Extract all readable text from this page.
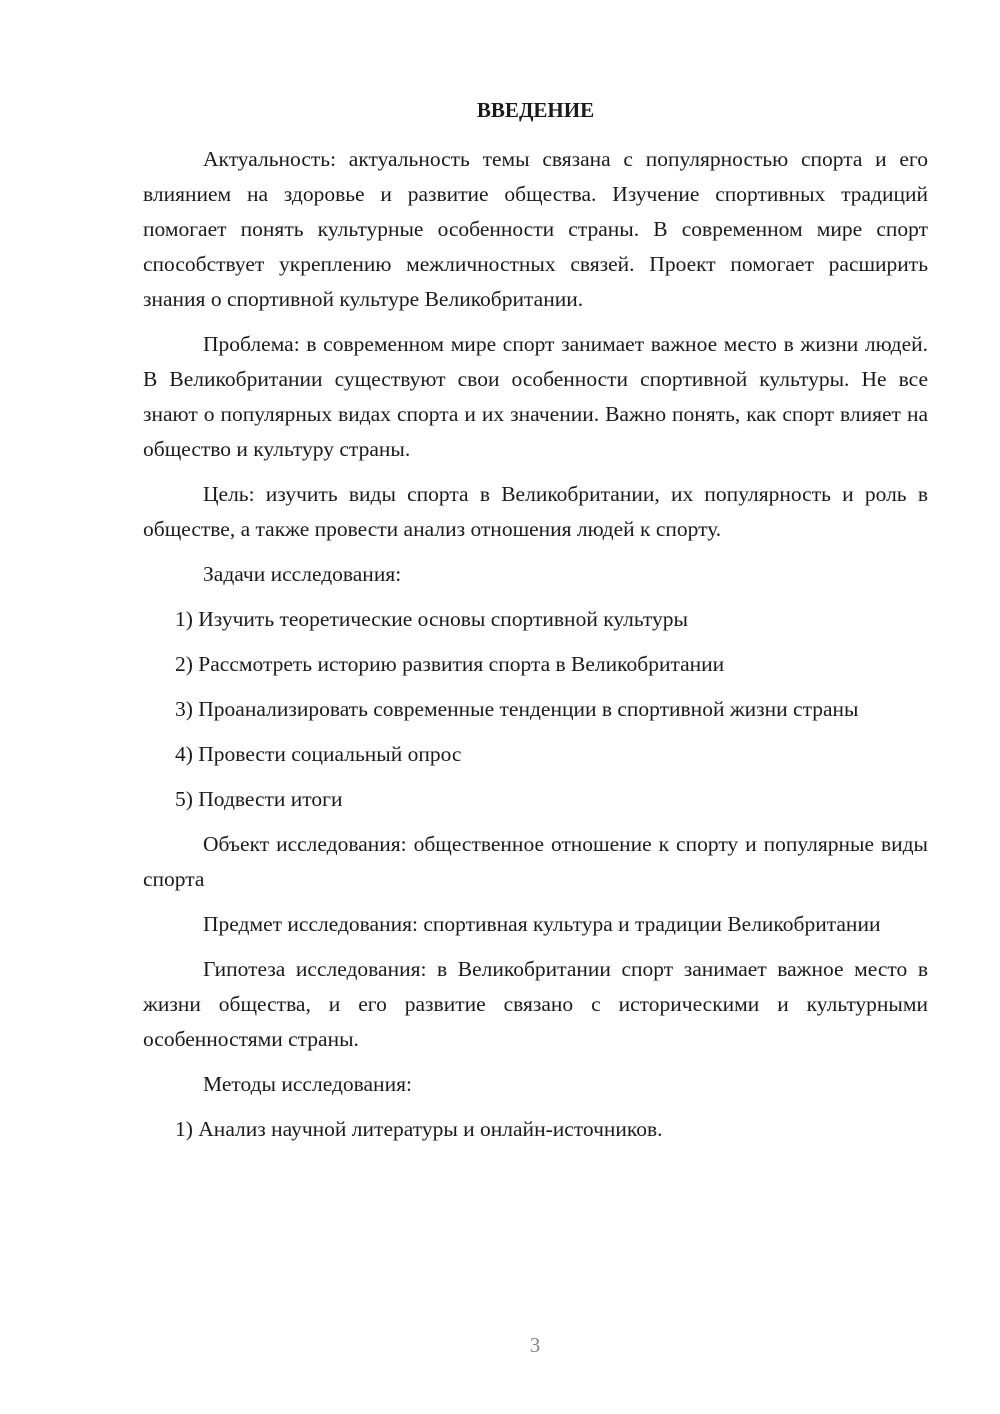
ВВЕДЕНИЕ

Актуальность: актуальность темы связана с популярностью спорта и его влиянием на здоровье и развитие общества. Изучение спортивных традиций помогает понять культурные особенности страны. В современном мире спорт способствует укреплению межличностных связей. Проект помогает расширить знания о спортивной культуре Великобритании.

Проблема: в современном мире спорт занимает важное место в жизни людей. В Великобритании существуют свои особенности спортивной культуры. Не все знают о популярных видах спорта и их значении. Важно понять, как спорт влияет на общество и культуру страны.

Цель: изучить виды спорта в Великобритании, их популярность и роль в обществе, а также провести анализ отношения людей к спорту.

Задачи исследования:

1) Изучить теоретические основы спортивной культуры

2) Рассмотреть историю развития спорта в Великобритании

3) Проанализировать современные тенденции в спортивной жизни страны

4) Провести социальный опрос

5) Подвести итоги

Объект исследования: общественное отношение к спорту и популярные виды спорта

Предмет исследования: спортивная культура и традиции Великобритании

Гипотеза исследования: в Великобритании спорт занимает важное место в жизни общества, и его развитие связано с историческими и культурными особенностями страны.

Методы исследования:

1) Анализ научной литературы и онлайн-источников.

3
